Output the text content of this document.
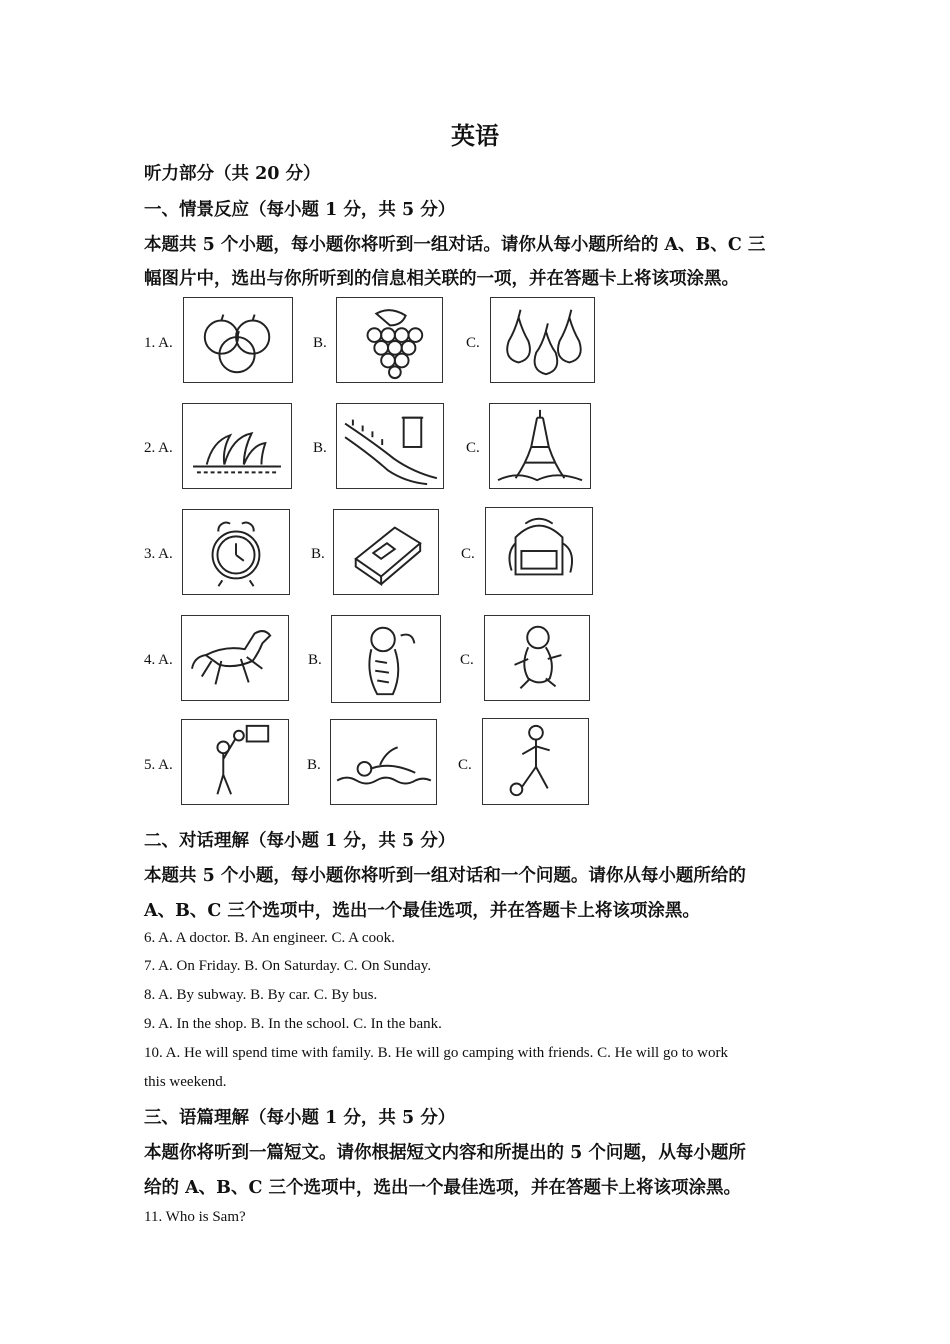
英语
听力部分（共 20 分）
一、情景反应（每小题 1 分，共 5 分）
本题共 5 个小题，每小题你将听到一组对话。请你从每小题所给的 A、B、C 三
幅图片中，选出与你所听到的信息相关联的一项，并在答题卡上将该项涂黑。
1. A.	B.	C.
2. A.	B.	C.
3. A.	B.	C.
4. A.	B.	C.
5. A.	B.	C.
二、对话理解（每小题 1 分，共 5 分）
本题共 5 个小题，每小题你将听到一组对话和一个问题。请你从每小题所给的
A、B、C 三个选项中，选出一个最佳选项，并在答题卡上将该项涂黑。
6. A. A doctor. B. An engineer. C. A cook.
7. A. On Friday. B. On Saturday. C. On Sunday.
8. A. By subway. B. By car. C. By bus.
9. A. In the shop. B. In the school. C. In the bank.
10. A. He will spend time with family. B. He will go camping with friends. C. He will go to work
this weekend.
三、语篇理解（每小题 1 分，共 5 分）
本题你将听到一篇短文。请你根据短文内容和所提出的 5 个问题，从每小题所
给的 A、B、C 三个选项中，选出一个最佳选项，并在答题卡上将该项涂黑。
11. Who is Sam?
